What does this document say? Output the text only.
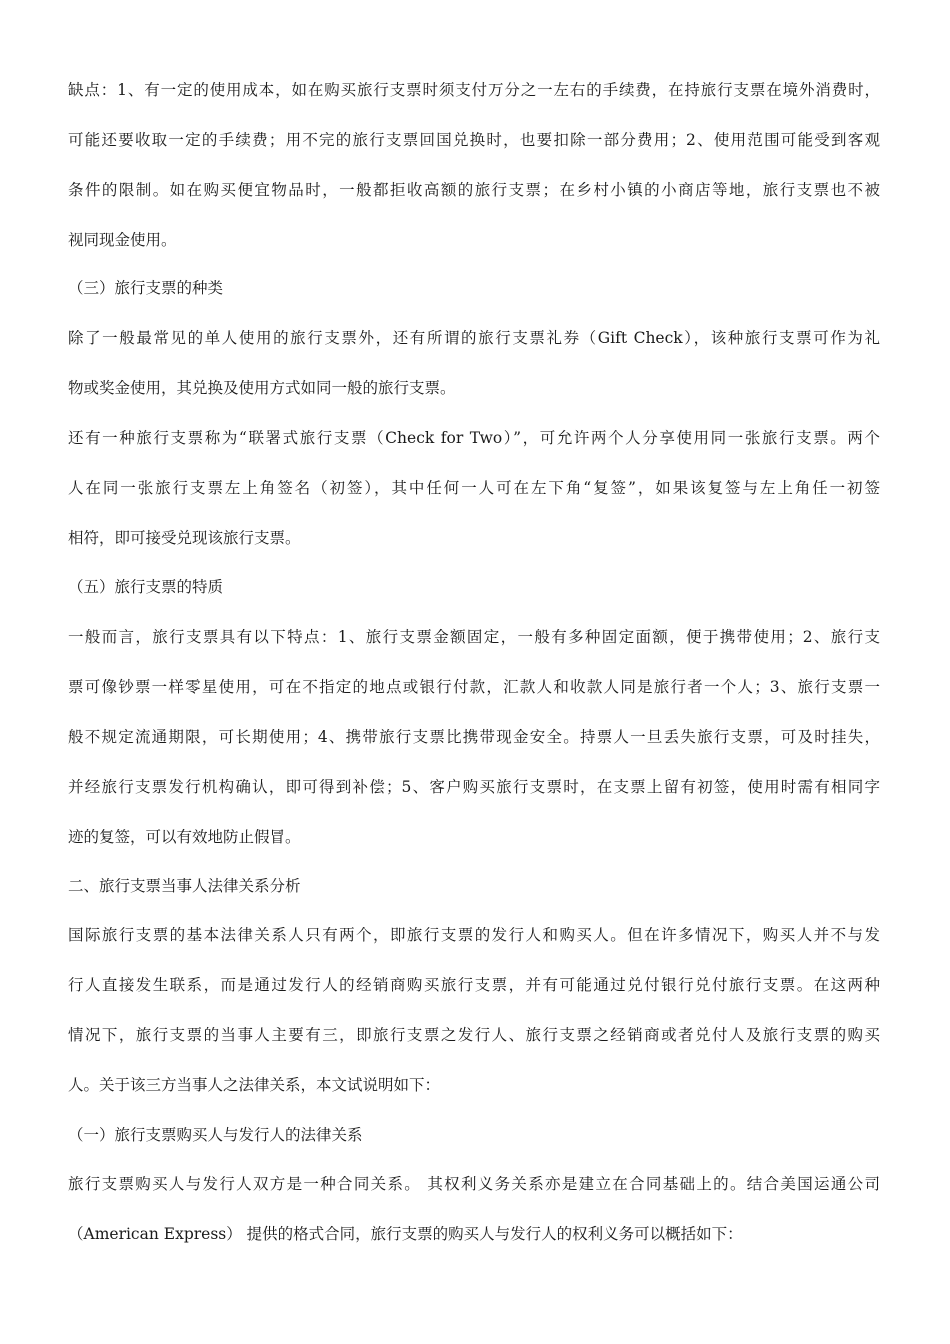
缺点：1、有一定的使用成本，如在购买旅行支票时须支付万分之一左右的手续费，在持旅行支票在境外消费时，

可能还要收取一定的手续费；用不完的旅行支票回国兑换时，也要扣除一部分费用；2、使用范围可能受到客观

条件的限制。如在购买便宜物品时，一般都拒收高额的旅行支票；在乡村小镇的小商店等地，旅行支票也不被

视同现金使用。

（三）旅行支票的种类

除了一般最常见的单人使用的旅行支票外，还有所谓的旅行支票礼券（Gift Check），该种旅行支票可作为礼

物或奖金使用，其兑换及使用方式如同一般的旅行支票。

还有一种旅行支票称为“联署式旅行支票（Check for Two）”，可允许两个人分享使用同一张旅行支票。两个

人在同一张旅行支票左上角签名（初签），其中任何一人可在左下角“复签”，如果该复签与左上角任一初签

相符，即可接受兑现该旅行支票。

（五）旅行支票的特质

一般而言，旅行支票具有以下特点：1、旅行支票金额固定，一般有多种固定面额，便于携带使用；2、旅行支

票可像钞票一样零星使用，可在不指定的地点或银行付款，汇款人和收款人同是旅行者一个人；3、旅行支票一

般不规定流通期限，可长期使用；4、携带旅行支票比携带现金安全。持票人一旦丢失旅行支票，可及时挂失，

并经旅行支票发行机构确认，即可得到补偿；5、客户购买旅行支票时，在支票上留有初签，使用时需有相同字

迹的复签，可以有效地防止假冒。

二、旅行支票当事人法律关系分析

国际旅行支票的基本法律关系人只有两个，即旅行支票的发行人和购买人。但在许多情况下，购买人并不与发

行人直接发生联系，而是通过发行人的经销商购买旅行支票，并有可能通过兑付银行兑付旅行支票。在这两种

情况下，旅行支票的当事人主要有三，即旅行支票之发行人、旅行支票之经销商或者兑付人及旅行支票的购买

人。关于该三方当事人之法律关系，本文试说明如下：

（一）旅行支票购买人与发行人的法律关系

旅行支票购买人与发行人双方是一种合同关系。 其权利义务关系亦是建立在合同基础上的。结合美国运通公司

（American Express） 提供的格式合同，旅行支票的购买人与发行人的权利义务可以概括如下：
